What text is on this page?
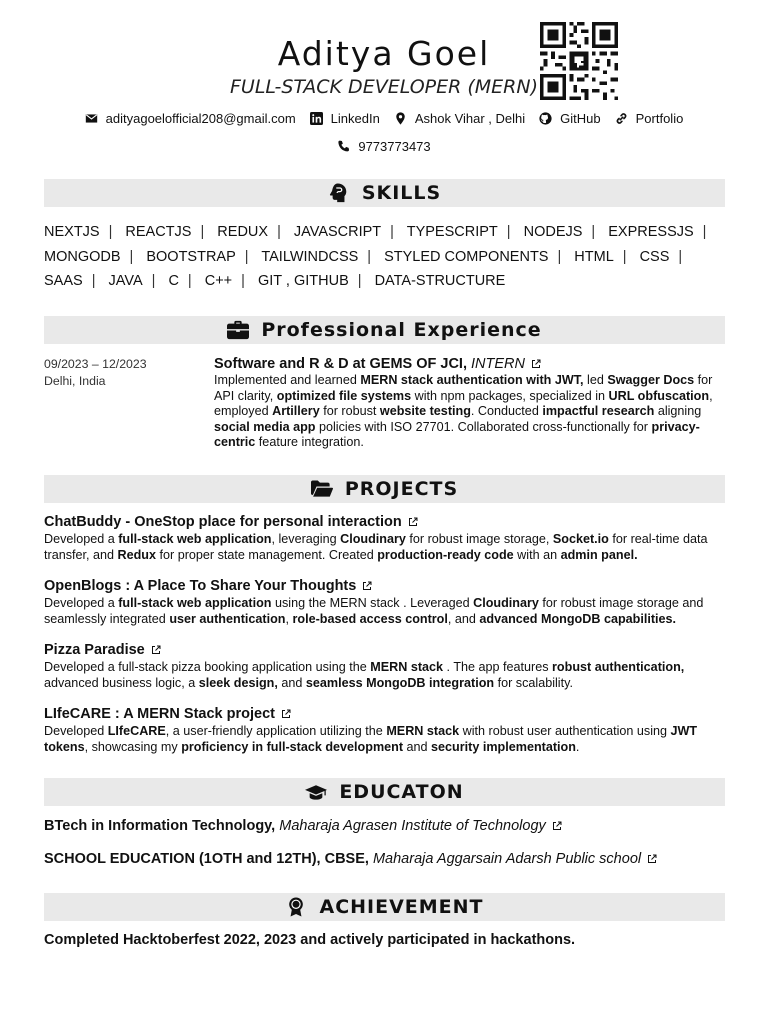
Aditya Goel
FULL-STACK DEVELOPER (MERN)
adityagoelofficial208@gmail.com	LinkedIn	Ashok Vihar , Delhi	GitHub	Portfolio
9773773473
SKILLS
NEXTJS | REACTJS | REDUX | JAVASCRIPT | TYPESCRIPT | NODEJS | EXPRESSJS | MONGODB | BOOTSTRAP | TAILWINDCSS | STYLED COMPONENTS | HTML | CSS | SAAS | JAVA | C | C++ | GIT , GITHUB | DATA-STRUCTURE
Professional Experience
09/2023 – 12/2023
Delhi, India
Software and R & D at GEMS OF JCI, INTERN
Implemented and learned MERN stack authentication with JWT, led Swagger Docs for API clarity, optimized file systems with npm packages, specialized in URL obfuscation, employed Artillery for robust website testing. Conducted impactful research aligning social media app policies with ISO 27701. Collaborated cross-functionally for privacy-centric feature integration.
PROJECTS
ChatBuddy - OneStop place for personal interaction
Developed a full-stack web application, leveraging Cloudinary for robust image storage, Socket.io for real-time data transfer, and Redux for proper state management. Created production-ready code with an admin panel.
OpenBlogs : A Place To Share Your Thoughts
Developed a full-stack web application using the MERN stack . Leveraged Cloudinary for robust image storage and seamlessly integrated user authentication, role-based access control, and advanced MongoDB capabilities.
Pizza Paradise
Developed a full-stack pizza booking application using the MERN stack . The app features robust authentication, advanced business logic, a sleek design, and seamless MongoDB integration for scalability.
LIfeCARE : A MERN Stack project
Developed LIfeCARE, a user-friendly application utilizing the MERN stack with robust user authentication using JWT tokens, showcasing my proficiency in full-stack development and security implementation.
EDUCATON
BTech in Information Technology, Maharaja Agrasen Institute of Technology
SCHOOL EDUCATION (1OTH and 12TH), CBSE, Maharaja Aggarsain Adarsh Public school
ACHIEVEMENT
Completed Hacktoberfest 2022, 2023 and actively participated in hackathons.
